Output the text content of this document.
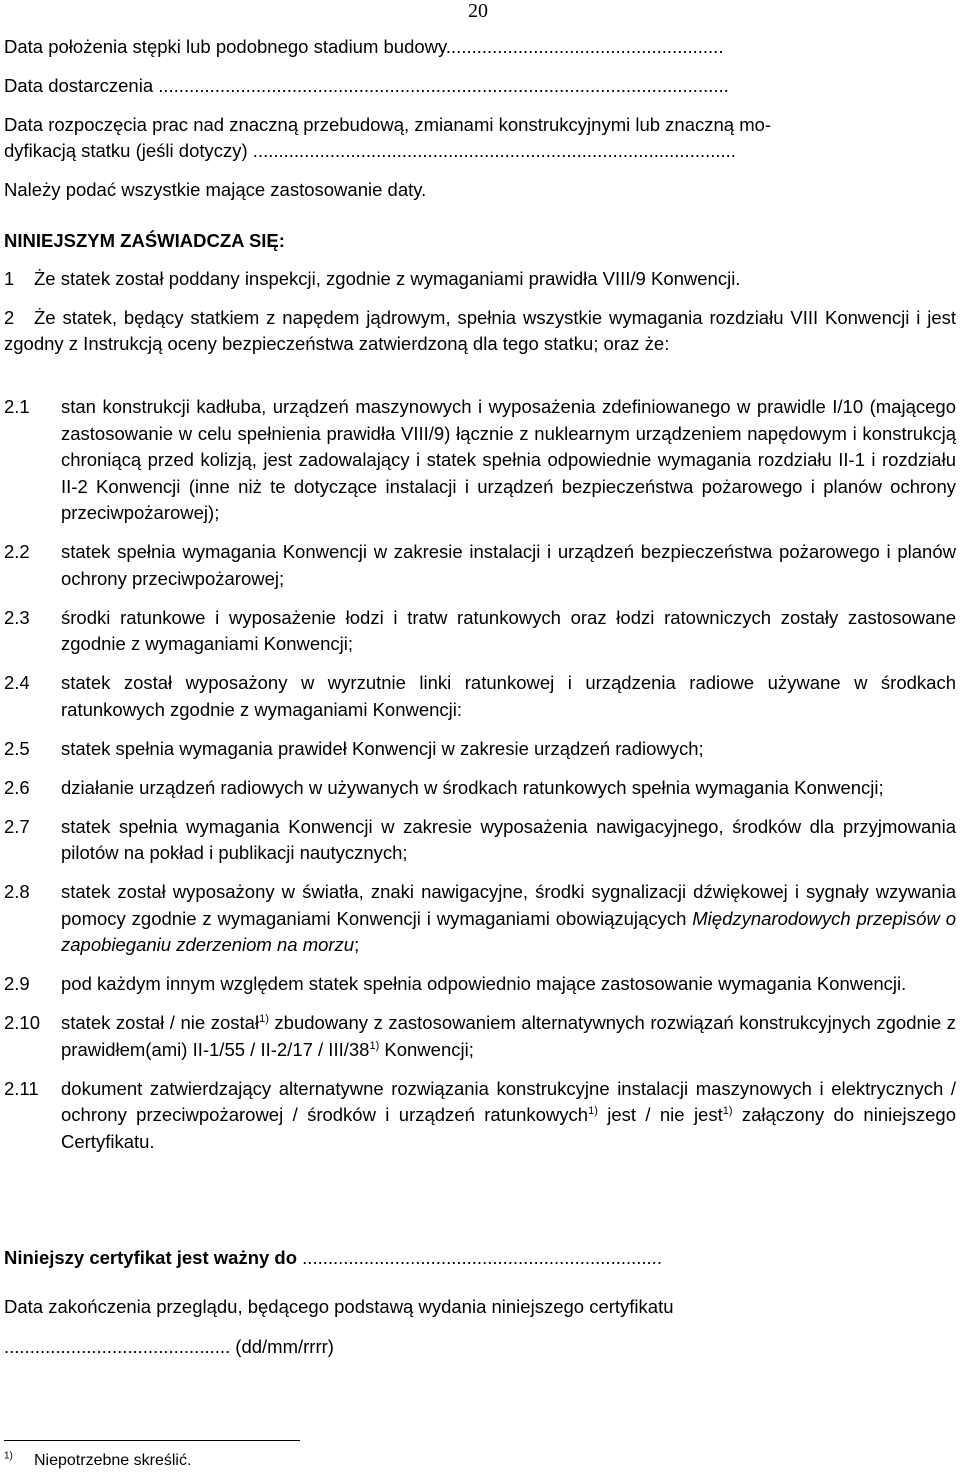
20
Data położenia stępki lub podobnego stadium budowy......................................................
Data dostarczenia ...............................................................................................................
Data rozpoczęcia prac nad znaczną przebudową, zmianami konstrukcyjnymi lub znaczną mo-
dyfikacją statku (jeśli dotyczy) ..............................................................................................
Należy podać wszystkie mające zastosowanie daty.
NINIEJSZYM ZAŚWIADCZA SIĘ:
1 Że statek został poddany inspekcji, zgodnie z wymaganiami prawidła VIII/9 Konwencji.
2 Że statek, będący statkiem z napędem jądrowym, spełnia wszystkie wymagania rozdziału VIII Konwencji i jest zgodny z Instrukcją oceny bezpieczeństwa zatwierdzoną dla tego statku; oraz że:
2.1	stan konstrukcji kadłuba, urządzeń maszynowych i wyposażenia zdefiniowanego w prawidle I/10 (mającego zastosowanie w celu spełnienia prawidła VIII/9) łącznie z nuklearnym urządzeniem napędowym i konstrukcją chroniącą przed kolizją, jest zadowalający i statek spełnia odpowiednie wymagania rozdziału II-1 i rozdziału II-2 Konwencji (inne niż te dotyczące instalacji i urządzeń bezpieczeństwa pożarowego i planów ochrony przeciwpożarowej);
2.2	statek spełnia wymagania Konwencji w zakresie instalacji i urządzeń bezpieczeństwa pożarowego i planów ochrony przeciwpożarowej;
2.3	środki ratunkowe i wyposażenie łodzi i tratw ratunkowych oraz łodzi ratowniczych zostały zastosowane zgodnie z wymaganiami Konwencji;
2.4	statek został wyposażony w wyrzutnie linki ratunkowej i urządzenia radiowe używane w środkach ratunkowych zgodnie z wymaganiami Konwencji:
2.5	statek spełnia wymagania prawideł Konwencji w zakresie urządzeń radiowych;
2.6	działanie urządzeń radiowych w używanych w środkach ratunkowych spełnia wymagania Konwencji;
2.7	statek spełnia wymagania Konwencji w zakresie wyposażenia nawigacyjnego, środków dla przyjmowania pilotów na pokład i publikacji nautycznych;
2.8	statek został wyposażony w światła, znaki nawigacyjne, środki sygnalizacji dźwiękowej i sygnały wzywania pomocy zgodnie z wymaganiami Konwencji i wymaganiami obowiązujących Międzynarodowych przepisów o zapobieganiu zderzeniom na morzu;
2.9	pod każdym innym względem statek spełnia odpowiednio mające zastosowanie wymagania Konwencji.
2.10	statek został / nie został$^{1)}$ zbudowany z zastosowaniem alternatywnych rozwiązań konstrukcyjnych zgodnie z prawidłem(ami) II-1/55 / II-2/17 / III/38$^{1)}$ Konwencji;
2.11	dokument zatwierdzający alternatywne rozwiązania konstrukcyjne instalacji maszynowych i elektrycznych / ochrony przeciwpożarowej / środków i urządzeń ratunkowych$^{1)}$ jest / nie jest$^{1)}$ załączony do niniejszego Certyfikatu.
Niniejszy certyfikat jest ważny do ......................................................................
Data zakończenia przeglądu, będącego podstawą wydania niniejszego certyfikatu
............................................ (dd/mm/rrrr)
$^{1)}$ Niepotrzebne skreślić.
